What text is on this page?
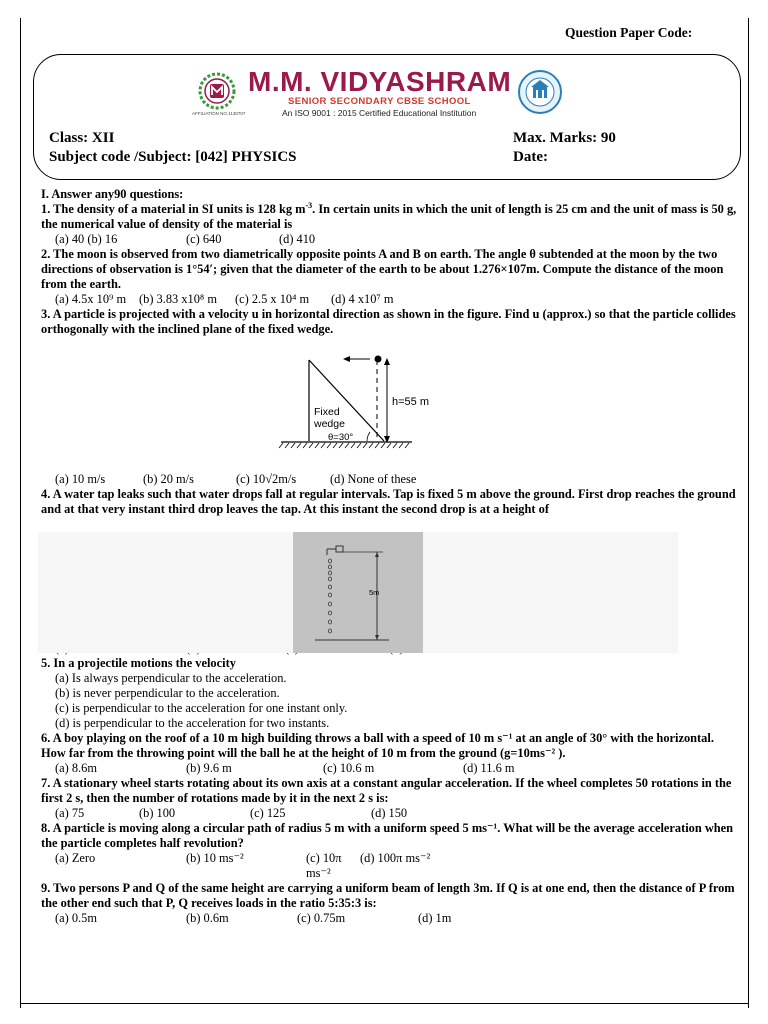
Question Paper Code:
AFFILIATION NO.1130707
M.M. VIDYASHRAM
SENIOR SECONDARY CBSE SCHOOL
An ISO 9001 : 2015 Certified Educational Institution
Class: XII
Subject code /Subject: [042] PHYSICS
Max. Marks: 90
Date:
I. Answer any90 questions:
1. The density of a material in SI units is 128 kg $m^{-3}$. In certain units in which the unit of length is 25 cm and the unit of mass is 50 g, the numerical value of density of the material is
(a) 40 (b) 16	(c) 640	(d) 410
2. The moon is observed from two diametrically opposite points A and B on earth. The angle θ subtended at the moon by the two directions of observation is 1°54′; given that the diameter of the earth to be about 1.276×107m. Compute the distance of the moon from the earth.
(a) 4.5x 10⁹ m	(b) 3.83 x10⁸ m	(c) 2.5 x 10⁴ m	(d) 4 x10⁷ m
3. A particle is projected with a velocity u in horizontal direction as shown in the figure. Find u (approx.) so that the particle collides orthogonally with the inclined plane of the fixed wedge.
(a) 10 m/s	(b) 20 m/s	(c) 10√2m/s	(d) None of these
4. A water tap leaks such that water drops fall at regular intervals. Tap is fixed 5 m above the ground. First drop reaches the ground and at that very instant third drop leaves the tap. At this instant the second drop is at a height of
5. In a projectile motions the velocity
(a) Is always perpendicular to the acceleration.
(b) is never perpendicular to the acceleration.
(c) is perpendicular to the acceleration for one instant only.
(d) is perpendicular to the acceleration for two instants.
6. A boy playing on the roof of a 10 m high building throws a ball with a speed of 10 m s⁻¹ at an angle of 30° with the horizontal. How far from the throwing point will the ball he at the height of 10 m from the ground (g=10ms⁻² ).
(a) 8.6m	(b) 9.6 m	(c) 10.6 m	(d) 11.6 m
7. A stationary wheel starts rotating about its own axis at a constant angular acceleration. If the wheel completes 50 rotations in the first 2 s, then the number of rotations made by it in the next 2 s is:
(a) 75	(b) 100	(c) 125	(d) 150
8. A particle is moving along a circular path of radius 5 m with a uniform speed 5 ms⁻¹. What will be the average acceleration when the particle completes half revolution?
(a) Zero	(b) 10 ms⁻²	(c) 10π ms⁻²
(d) 100π ms⁻²
9. Two persons P and Q of the same height are carrying a uniform beam of length 3m. If Q is at one end, then the distance of P from the other end such that P, Q receives loads in the ratio 5:35:3 is:
(a) 0.5m	(b) 0.6m	(c) 0.75m	(d) 1m
h=55 m
Fixed
wedge
θ=30°
5m
